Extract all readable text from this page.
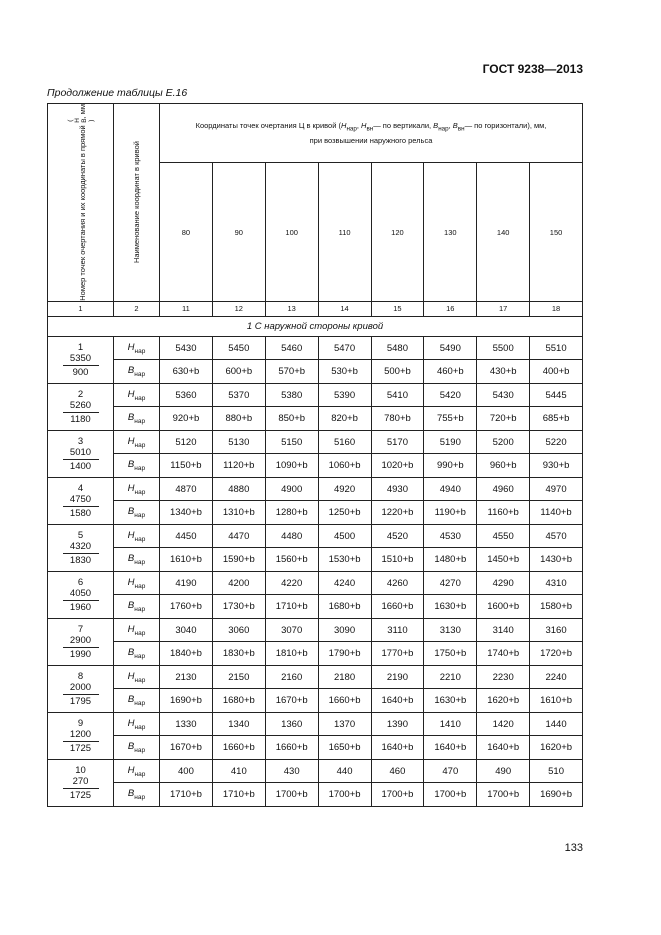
ГОСТ 9238—2013
Продолжение таблицы Е.16
Номер точек очертания и их координаты в прямой ( Н В ), мм	Наименование координат в кривой	Координаты точек очертания Ц в кривой ($Н_{нар}$, $Н_{вн}—$ по вертикали, $В_{нар}$, $В_{вн}—$ по горизонтали), мм,
при возвышении наружного рельса							
		80	90	100	110	120	130	140	150
1	2	11	12	13	14	15	16	17	18
1 С наружной стороны кривой									

1
5350
900	$Н_{нар}$	5430	5450	5460	5470	5480	5490	5500	5510
	$В_{нар}$	630+b	600+b	570+b	530+b	500+b	460+b	430+b	400+b

2
5260
1180	$Н_{нар}$	5360	5370	5380	5390	5410	5420	5430	5445
	$В_{нар}$	920+b	880+b	850+b	820+b	780+b	755+b	720+b	685+b

3
5010
1400	$Н_{нар}$	5120	5130	5150	5160	5170	5190	5200	5220
	$В_{нар}$	1150+b	1120+b	1090+b	1060+b	1020+b	990+b	960+b	930+b

4
4750
1580	$Н_{нар}$	4870	4880	4900	4920	4930	4940	4960	4970
	$В_{нар}$	1340+b	1310+b	1280+b	1250+b	1220+b	1190+b	1160+b	1140+b

5
4320
1830	$Н_{нар}$	4450	4470	4480	4500	4520	4530	4550	4570
	$В_{нар}$	1610+b	1590+b	1560+b	1530+b	1510+b	1480+b	1450+b	1430+b

6
4050
1960	$Н_{нар}$	4190	4200	4220	4240	4260	4270	4290	4310
	$В_{нар}$	1760+b	1730+b	1710+b	1680+b	1660+b	1630+b	1600+b	1580+b

7
2900
1990	$Н_{нар}$	3040	3060	3070	3090	3110	3130	3140	3160
	$В_{нар}$	1840+b	1830+b	1810+b	1790+b	1770+b	1750+b	1740+b	1720+b

8
2000
1795	$Н_{нар}$	2130	2150	2160	2180	2190	2210	2230	2240
	$В_{нар}$	1690+b	1680+b	1670+b	1660+b	1640+b	1630+b	1620+b	1610+b

9
1200
1725	$Н_{нар}$	1330	1340	1360	1370	1390	1410	1420	1440
	$В_{нар}$	1670+b	1660+b	1660+b	1650+b	1640+b	1640+b	1640+b	1620+b

10
270
1725	$Н_{нар}$	400	410	430	440	460	470	490	510
	$В_{нар}$	1710+b	1710+b	1700+b	1700+b	1700+b	1700+b	1700+b	1690+b
133
